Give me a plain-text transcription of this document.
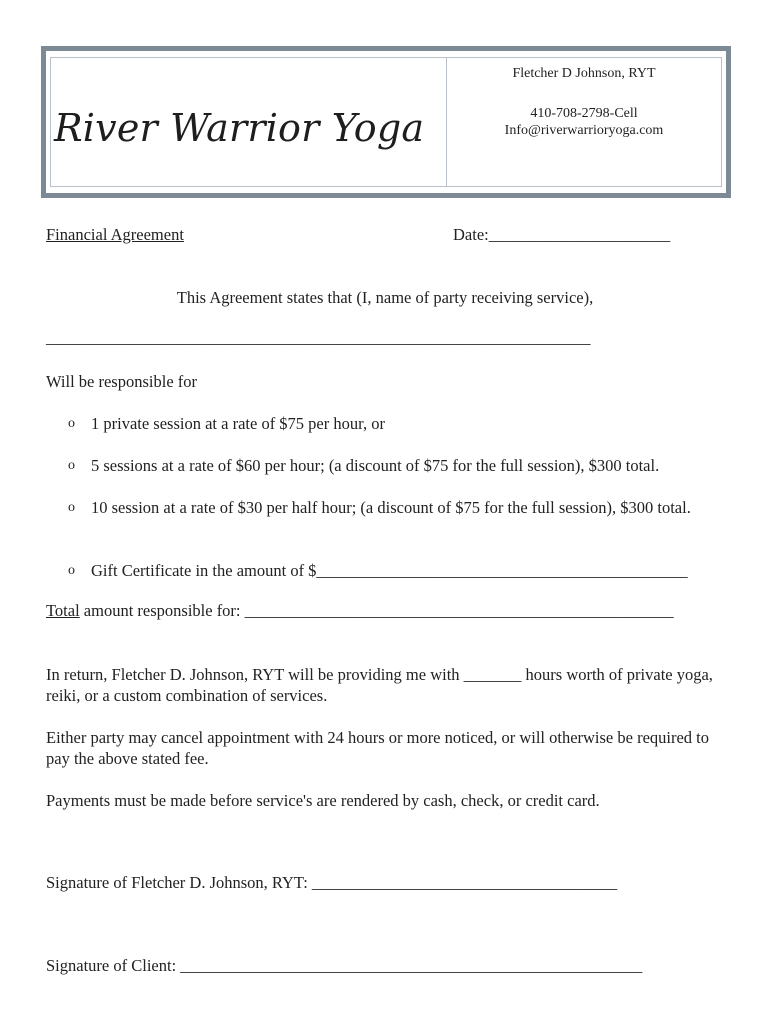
River Warrior Yoga
Fletcher D Johnson, RYT
410-708-2798-Cell
Info@riverwarrioryoga.com
Financial Agreement	Date:______________________
This Agreement states that (I, name of party receiving service),
__________________________________________________________________
Will be responsible for
o 1 private session at a rate of $75 per hour, or
o 5 sessions at a rate of $60 per hour; (a discount of $75 for the full session), $300 total.
o 10 session at a rate of $30 per half hour; (a discount of $75 for the full session), $300 total.
o Gift Certificate in the amount of $_____________________________________________
Total amount responsible for: ____________________________________________________
In return, Fletcher D. Johnson, RYT will be providing me with _______ hours worth of private yoga, reiki, or a custom combination of services.
Either party may cancel appointment with 24 hours or more noticed, or will otherwise be required to pay the above stated fee.
Payments must be made before service's are rendered by cash, check, or credit card.
Signature of Fletcher D. Johnson, RYT: _____________________________________
Signature of Client: ________________________________________________________
